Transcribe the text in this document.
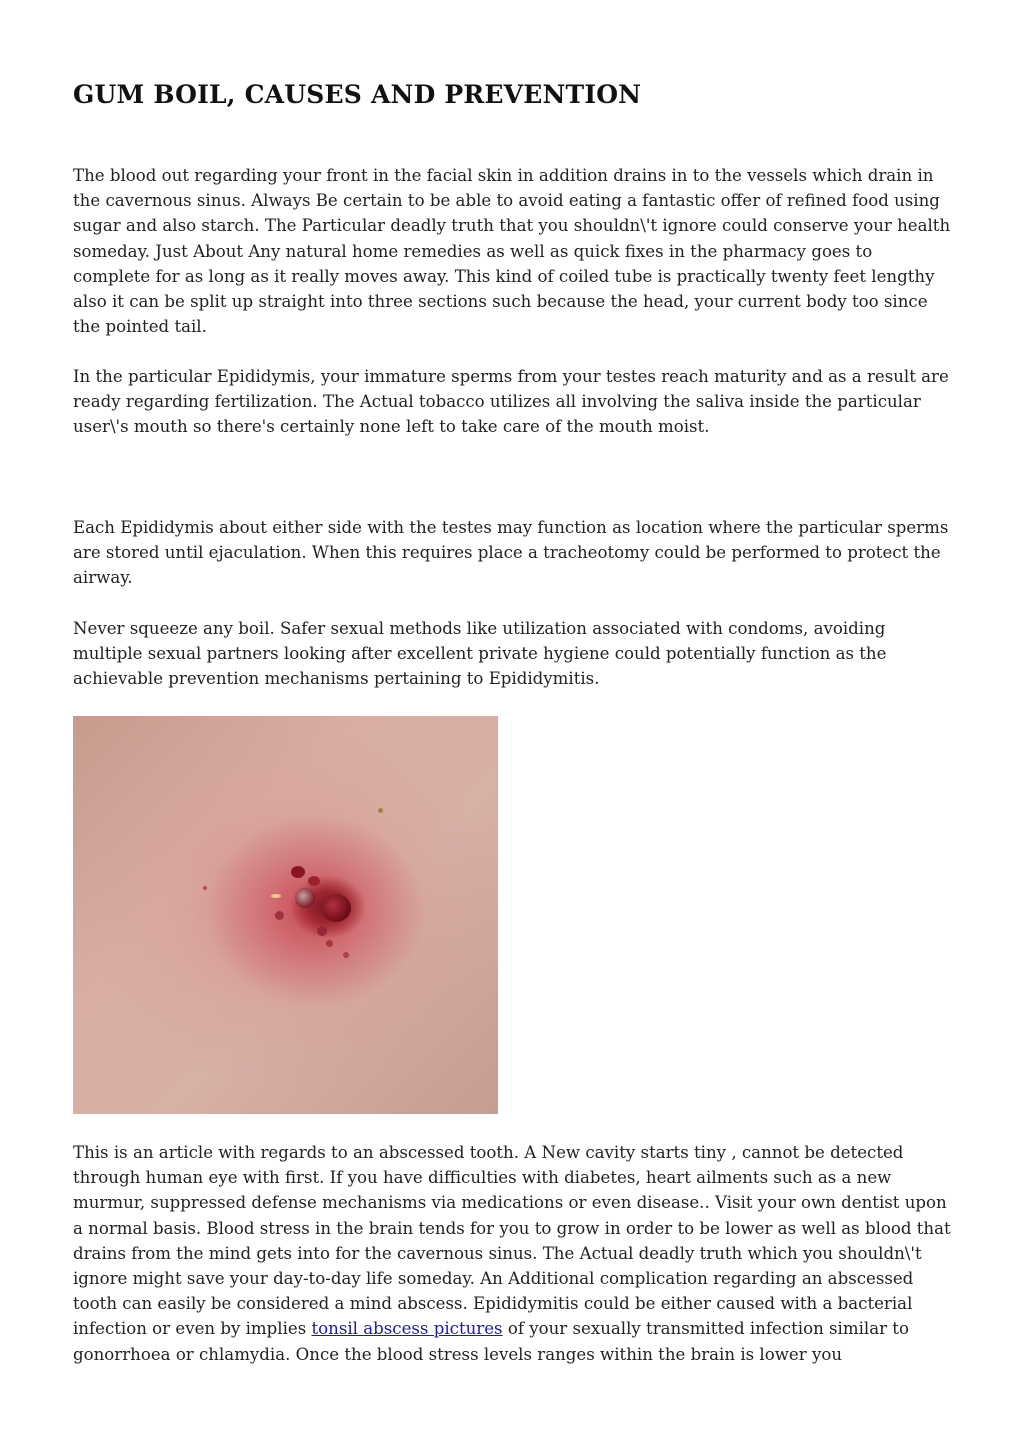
GUM BOIL, CAUSES AND PREVENTION

The blood out regarding your front in the facial skin in addition drains in to the vessels which drain in the cavernous sinus. Always Be certain to be able to avoid eating a fantastic offer of refined food using sugar and also starch. The Particular deadly truth that you shouldn\'t ignore could conserve your health someday. Just About Any natural home remedies as well as quick fixes in the pharmacy goes to complete for as long as it really moves away. This kind of coiled tube is practically twenty feet lengthy also it can be split up straight into three sections such because the head, your current body too since the pointed tail.

In the particular Epididymis, your immature sperms from your testes reach maturity and as a result are ready regarding fertilization. The Actual tobacco utilizes all involving the saliva inside the particular user\'s mouth so there's certainly none left to take care of the mouth moist.

Each Epididymis about either side with the testes may function as location where the particular sperms are stored until ejaculation. When this requires place a tracheotomy could be performed to protect the airway.

Never squeeze any boil. Safer sexual methods like utilization associated with condoms, avoiding multiple sexual partners looking after excellent private hygiene could potentially function as the achievable prevention mechanisms pertaining to Epididymitis.

This is an article with regards to an abscessed tooth. A New cavity starts tiny , cannot be detected through human eye with first. If you have difficulties with diabetes, heart ailments such as a new murmur, suppressed defense mechanisms via medications or even disease.. Visit your own dentist upon a normal basis. Blood stress in the brain tends for you to grow in order to be lower as well as blood that drains from the mind gets into for the cavernous sinus. The Actual deadly truth which you shouldn\'t ignore might save your day-to-day life someday. An Additional complication regarding an abscessed tooth can easily be considered a mind abscess. Epididymitis could be either caused with a bacterial infection or even by implies tonsil abscess pictures of your sexually transmitted infection similar to gonorrhoea or chlamydia. Once the blood stress levels ranges within the brain is lower you
